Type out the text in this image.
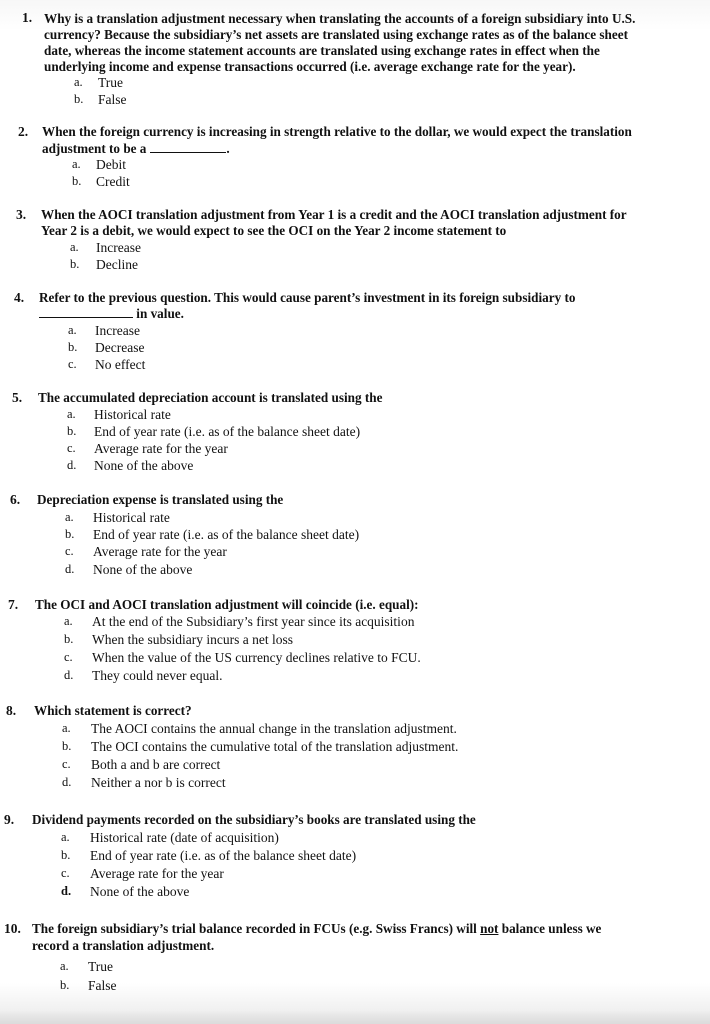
1. Why is a translation adjustment necessary when translating the accounts of a foreign subsidiary into U.S.
currency? Because the subsidiary’s net assets are translated using exchange rates as of the balance sheet
date, whereas the income statement accounts are translated using exchange rates in effect when the
underlying income and expense transactions occurred (i.e. average exchange rate for the year).
a. True
b. False
2. When the foreign currency is increasing in strength relative to the dollar, we would expect the translation
adjustment to be a	.
a. Debit
b. Credit
3. When the AOCI translation adjustment from Year 1 is a credit and the AOCI translation adjustment for
Year 2 is a debit, we would expect to see the OCI on the Year 2 income statement to
a. Increase
b. Decline
4. Refer to the previous question. This would cause parent’s investment in its foreign subsidiary to
in value.
a. Increase
b. Decrease
c. No effect
5. The accumulated depreciation account is translated using the
a. Historical rate
b. End of year rate (i.e. as of the balance sheet date)
c. Average rate for the year
d. None of the above
6. Depreciation expense is translated using the
a. Historical rate
b. End of year rate (i.e. as of the balance sheet date)
c. Average rate for the year
d. None of the above
7. The OCI and AOCI translation adjustment will coincide (i.e. equal):
a. At the end of the Subsidiary’s first year since its acquisition
b. When the subsidiary incurs a net loss
c. When the value of the US currency declines relative to FCU.
d. They could never equal.
8. Which statement is correct?
a. The AOCI contains the annual change in the translation adjustment.
b. The OCI contains the cumulative total of the translation adjustment.
c. Both a and b are correct
d. Neither a nor b is correct
9. Dividend payments recorded on the subsidiary’s books are translated using the
a. Historical rate (date of acquisition)
b. End of year rate (i.e. as of the balance sheet date)
c. Average rate for the year
d. None of the above
10. The foreign subsidiary’s trial balance recorded in FCUs (e.g. Swiss Francs) will not balance unless we
record a translation adjustment.
a. True
b. False
